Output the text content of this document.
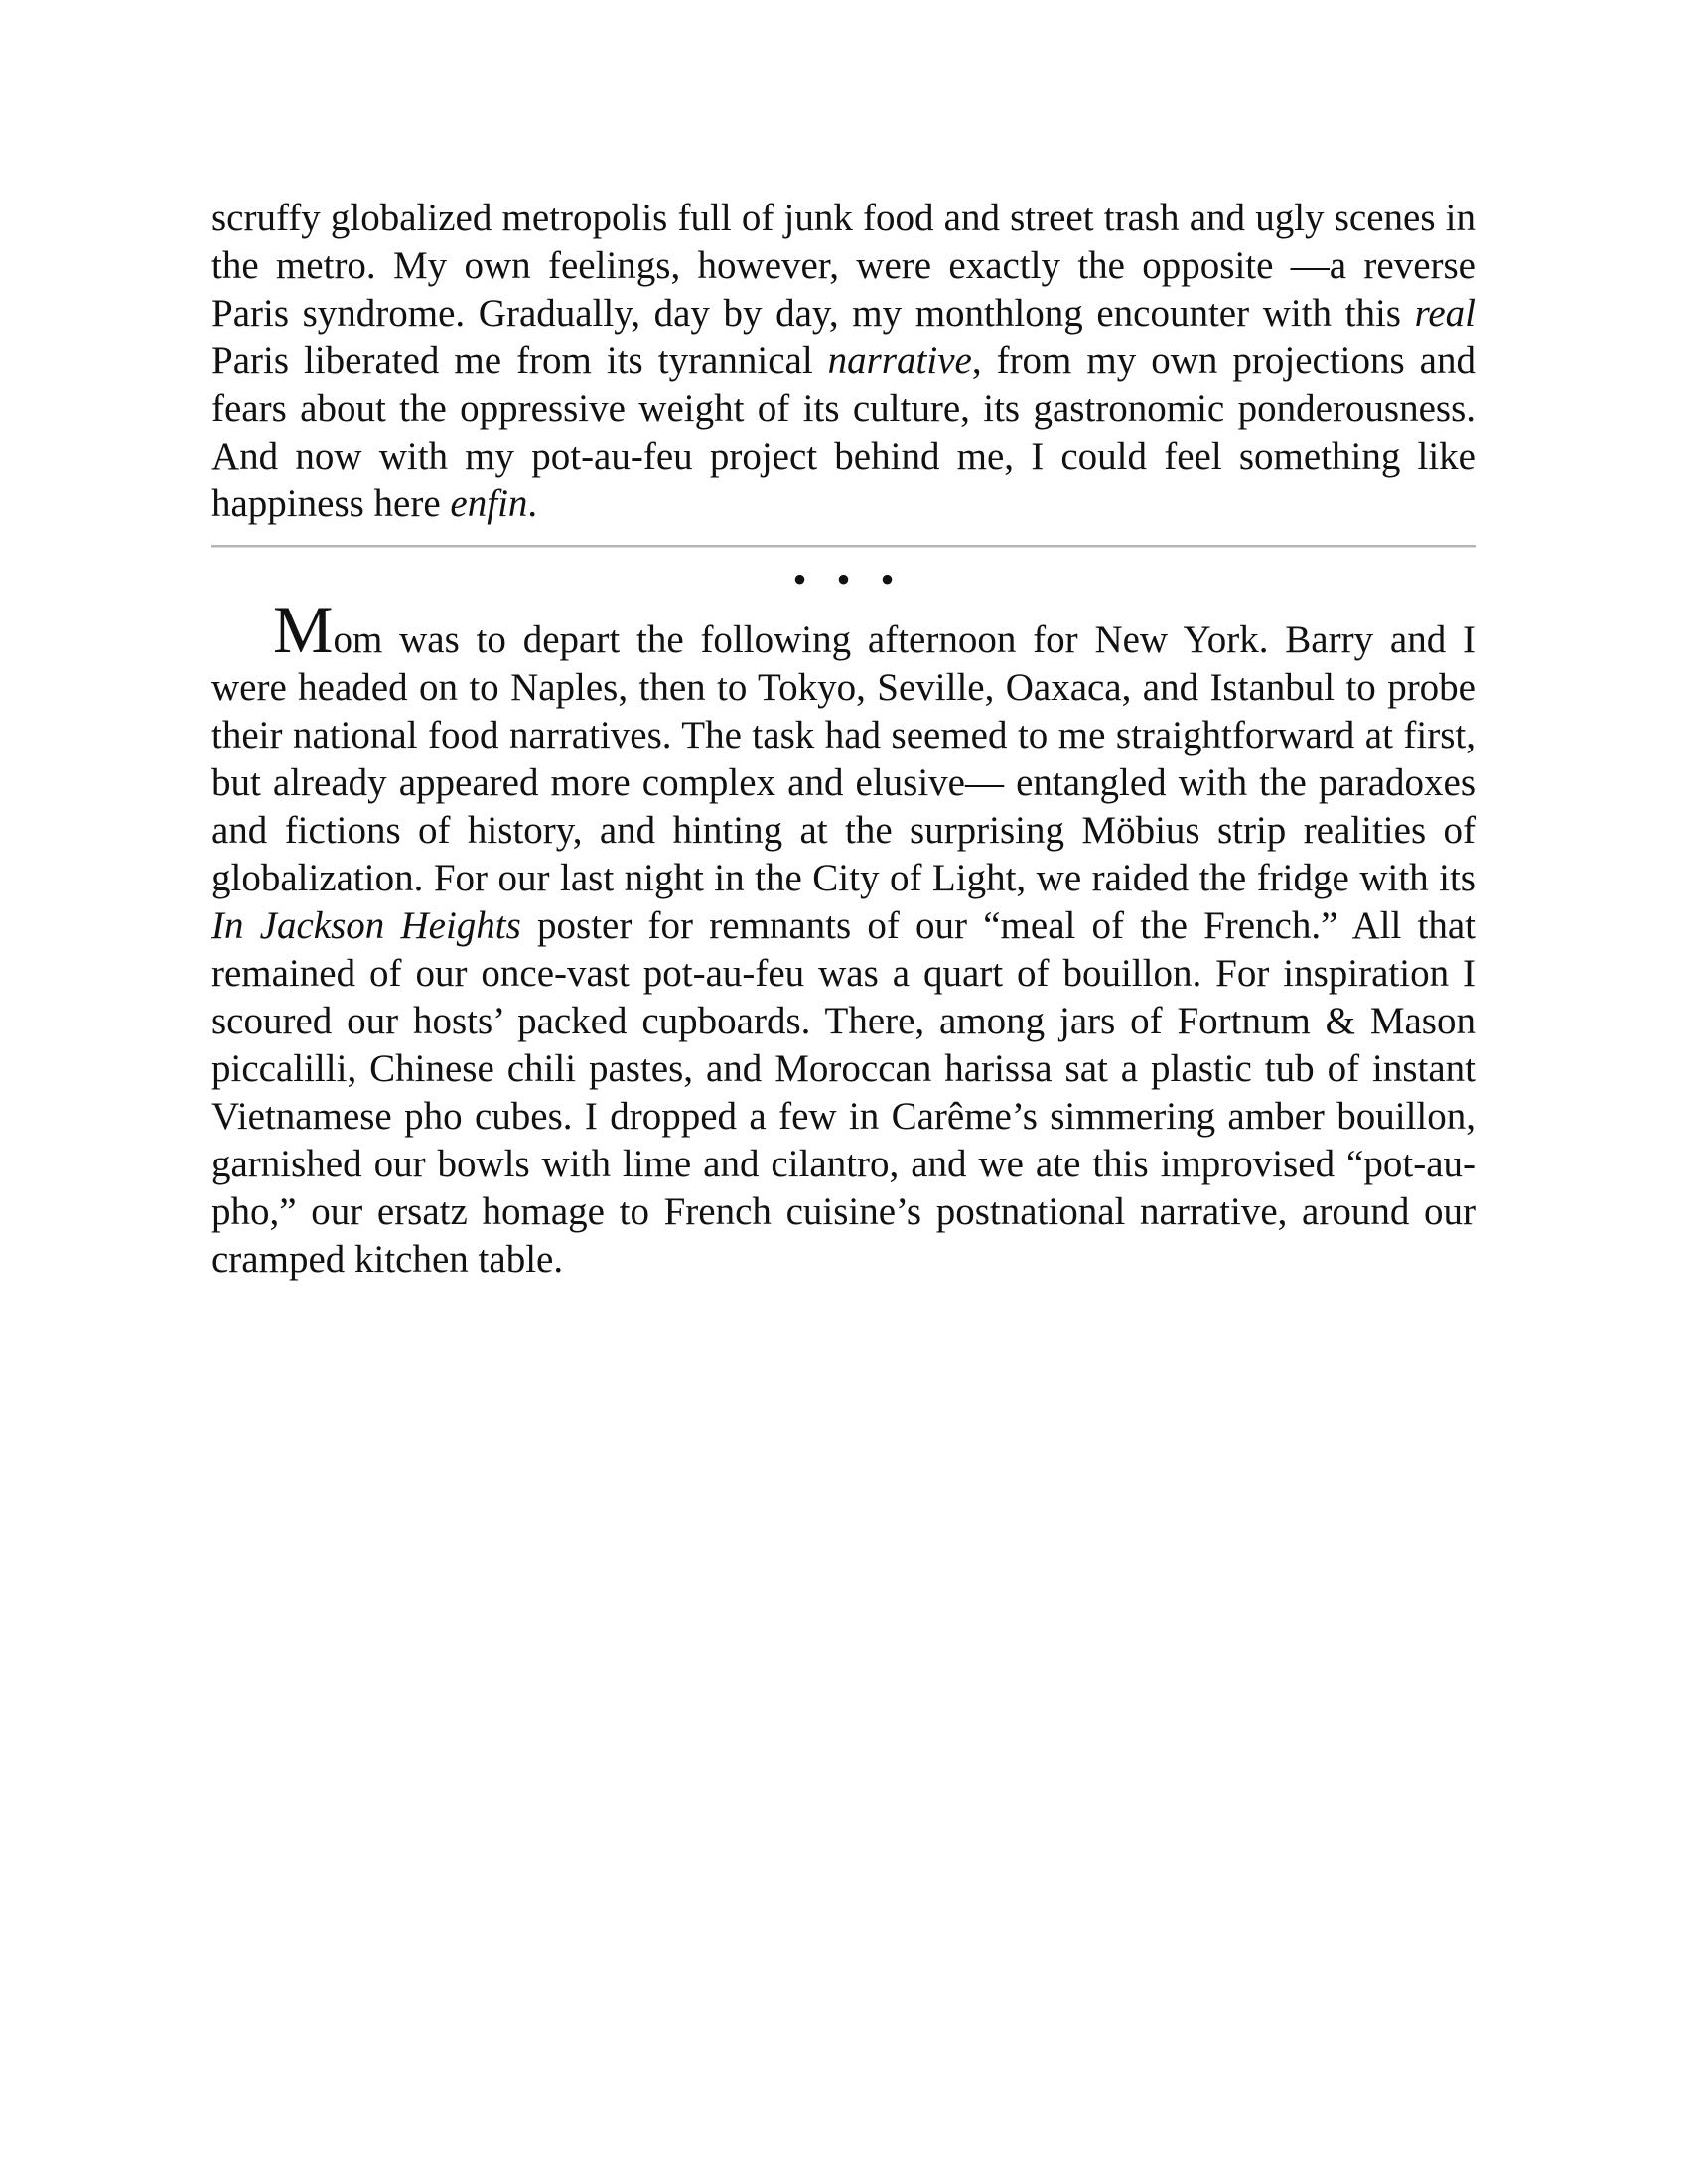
scruffy globalized metropolis full of junk food and street trash and ugly scenes in the metro. My own feelings, however, were exactly the opposite —a reverse Paris syndrome. Gradually, day by day, my monthlong encounter with this real Paris liberated me from its tyrannical narrative, from my own projections and fears about the oppressive weight of its culture, its gastronomic ponderousness. And now with my pot-au-feu project behind me, I could feel something like happiness here enfin.

• • •

Mom was to depart the following afternoon for New York. Barry and I were headed on to Naples, then to Tokyo, Seville, Oaxaca, and Istanbul to probe their national food narratives. The task had seemed to me straightforward at first, but already appeared more complex and elusive— entangled with the paradoxes and fictions of history, and hinting at the surprising Möbius strip realities of globalization. For our last night in the City of Light, we raided the fridge with its In Jackson Heights poster for remnants of our “meal of the French.” All that remained of our once-vast pot-au-feu was a quart of bouillon. For inspiration I scoured our hosts’ packed cupboards. There, among jars of Fortnum & Mason piccalilli, Chinese chili pastes, and Moroccan harissa sat a plastic tub of instant Vietnamese pho cubes. I dropped a few in Carême’s simmering amber bouillon, garnished our bowls with lime and cilantro, and we ate this improvised “pot-au-pho,” our ersatz homage to French cuisine’s postnational narrative, around our cramped kitchen table.
